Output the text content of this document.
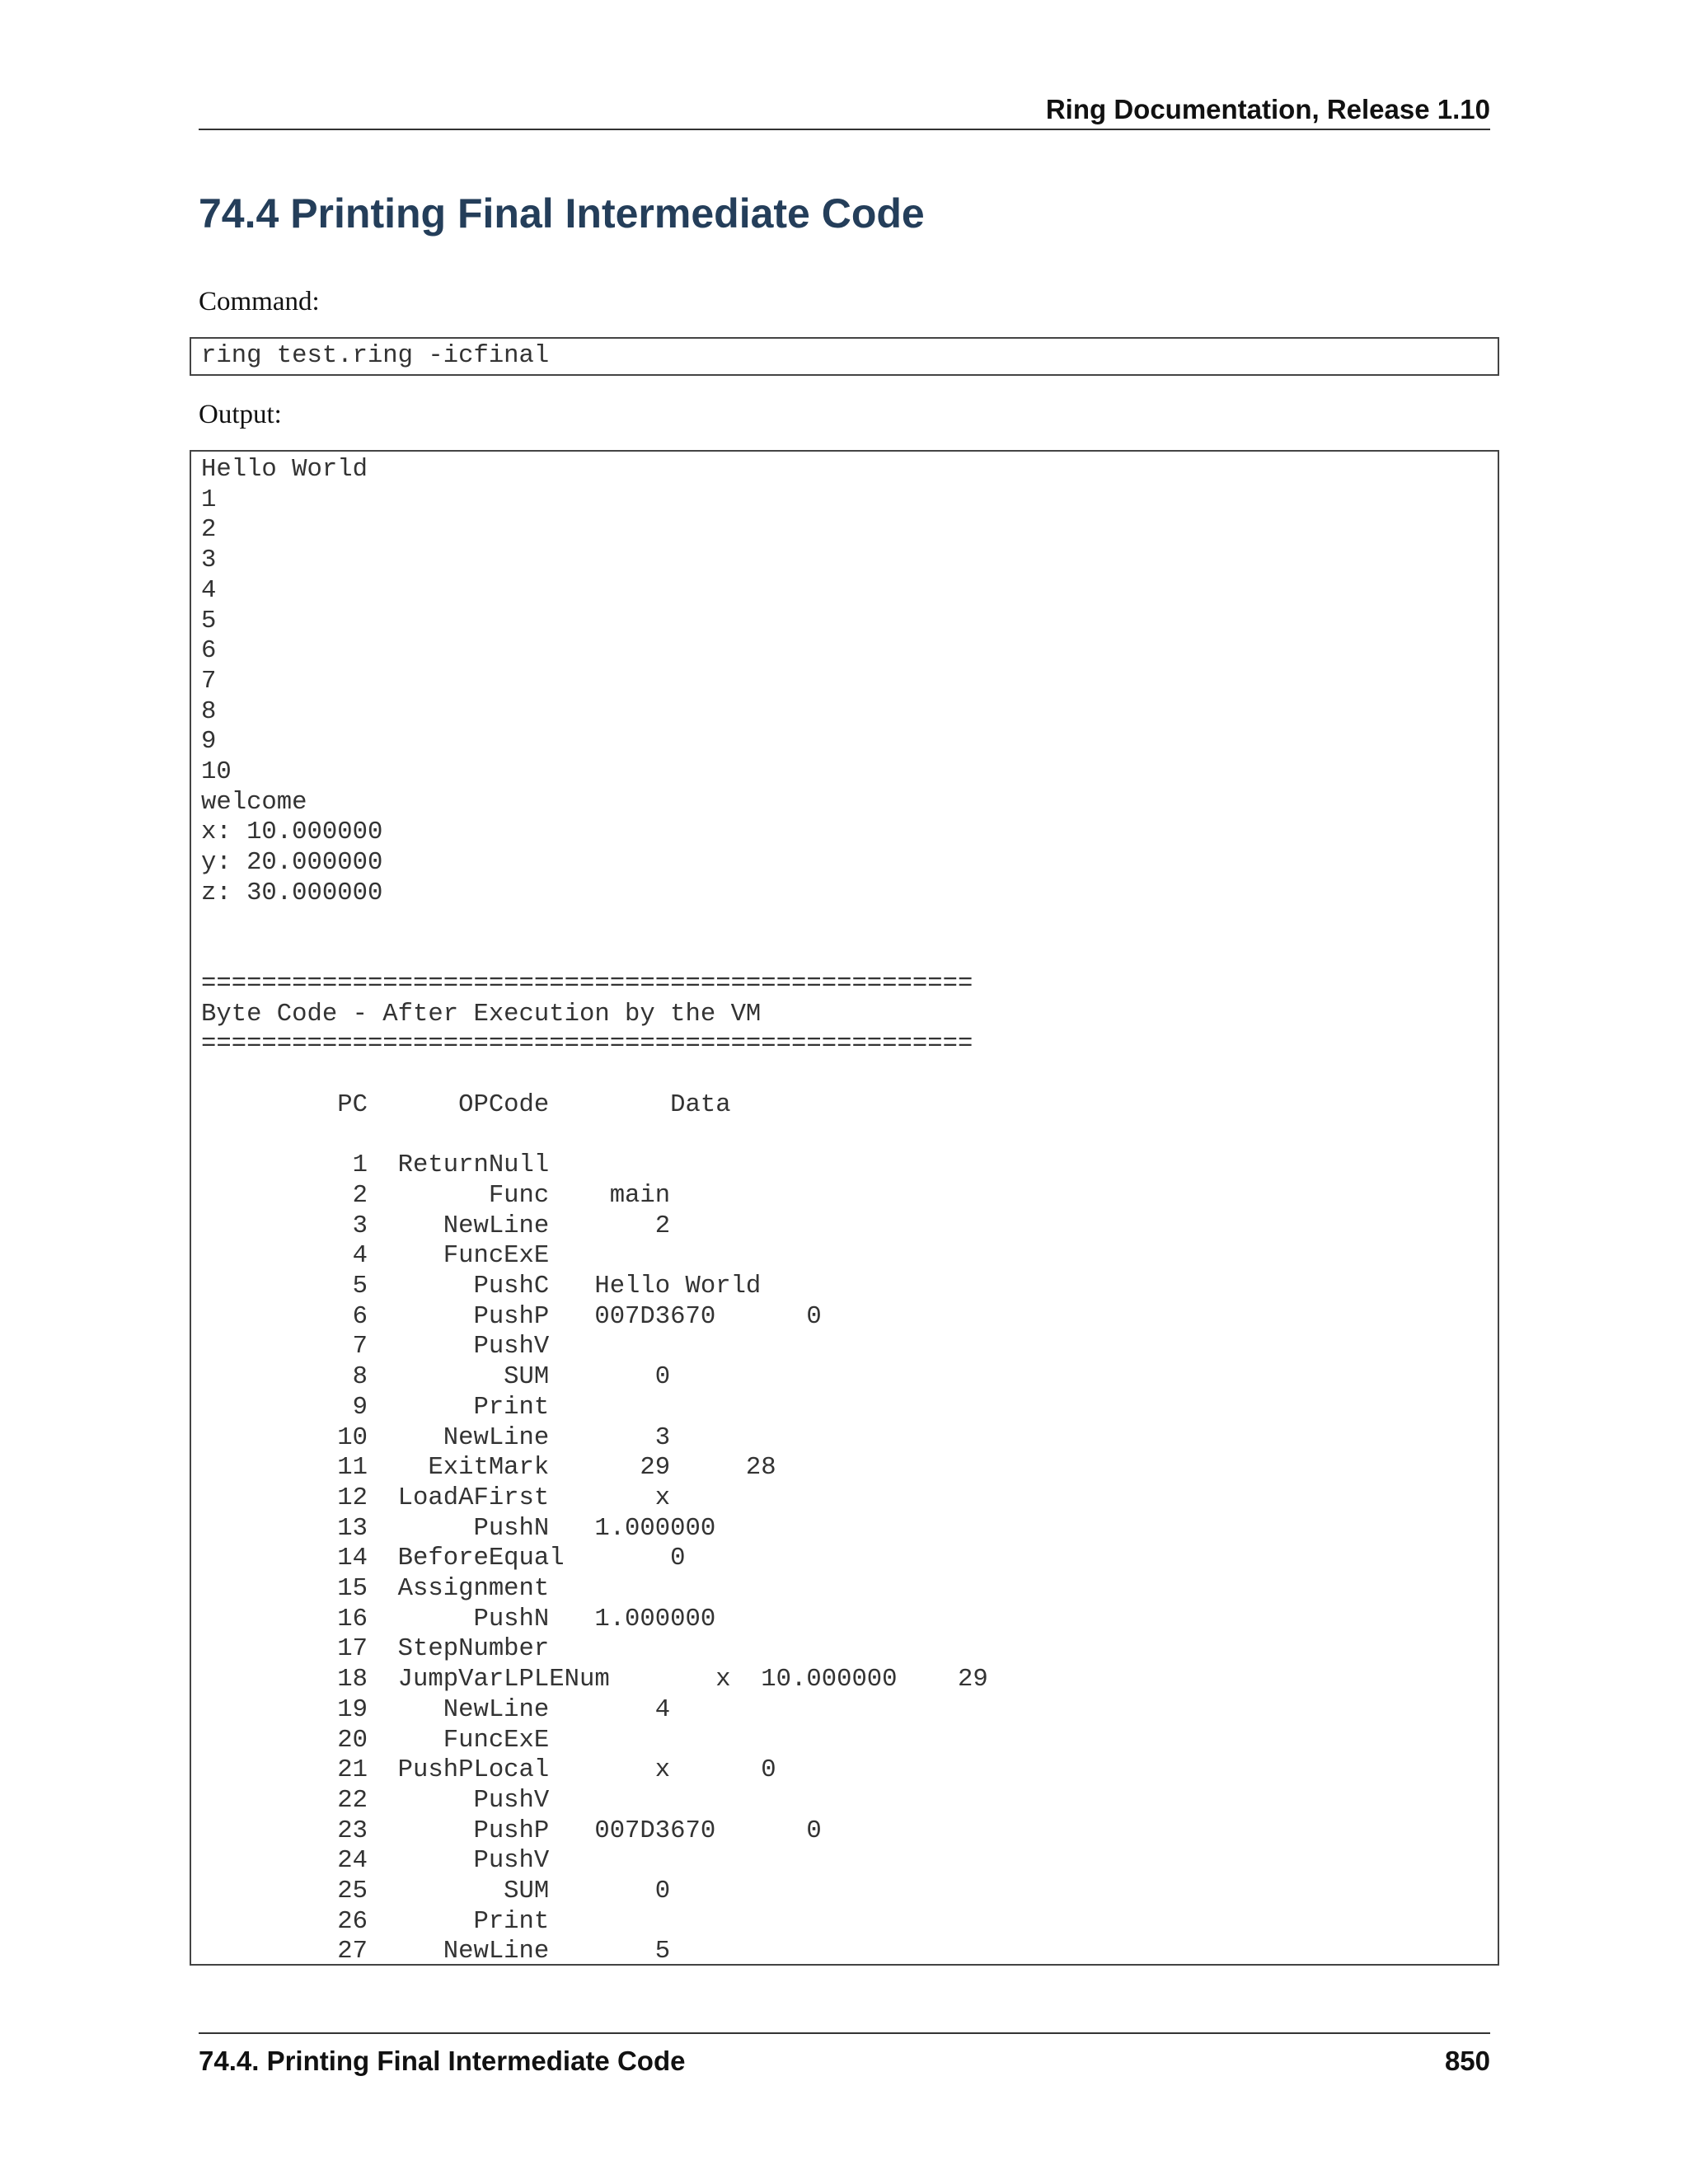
Ring Documentation, Release 1.10
74.4 Printing Final Intermediate Code
Command:
ring test.ring -icfinal
Output:
Hello World
1
2
3
4
5
6
7
8
9
10
welcome
x: 10.000000
y: 20.000000
z: 30.000000

===================================================
Byte Code - After Execution by the VM
===================================================

PC      OPCode        Data

1  ReturnNull
2        Func    main
3     NewLine       2
4     FuncExE
5       PushC   Hello World
6       PushP   007D3670      0
7       PushV
8         SUM       0
9       Print
10     NewLine       3
11    ExitMark      29     28
12  LoadAFirst       x
13       PushN   1.000000
14  BeforeEqual       0
15  Assignment
16       PushN   1.000000
17  StepNumber
18  JumpVarLPLENum       x  10.000000    29
19     NewLine       4
20     FuncExE
21  PushPLocal       x      0
22       PushV
23       PushP   007D3670      0
24       PushV
25         SUM       0
26       Print
27     NewLine       5
74.4. Printing Final Intermediate Code	850
